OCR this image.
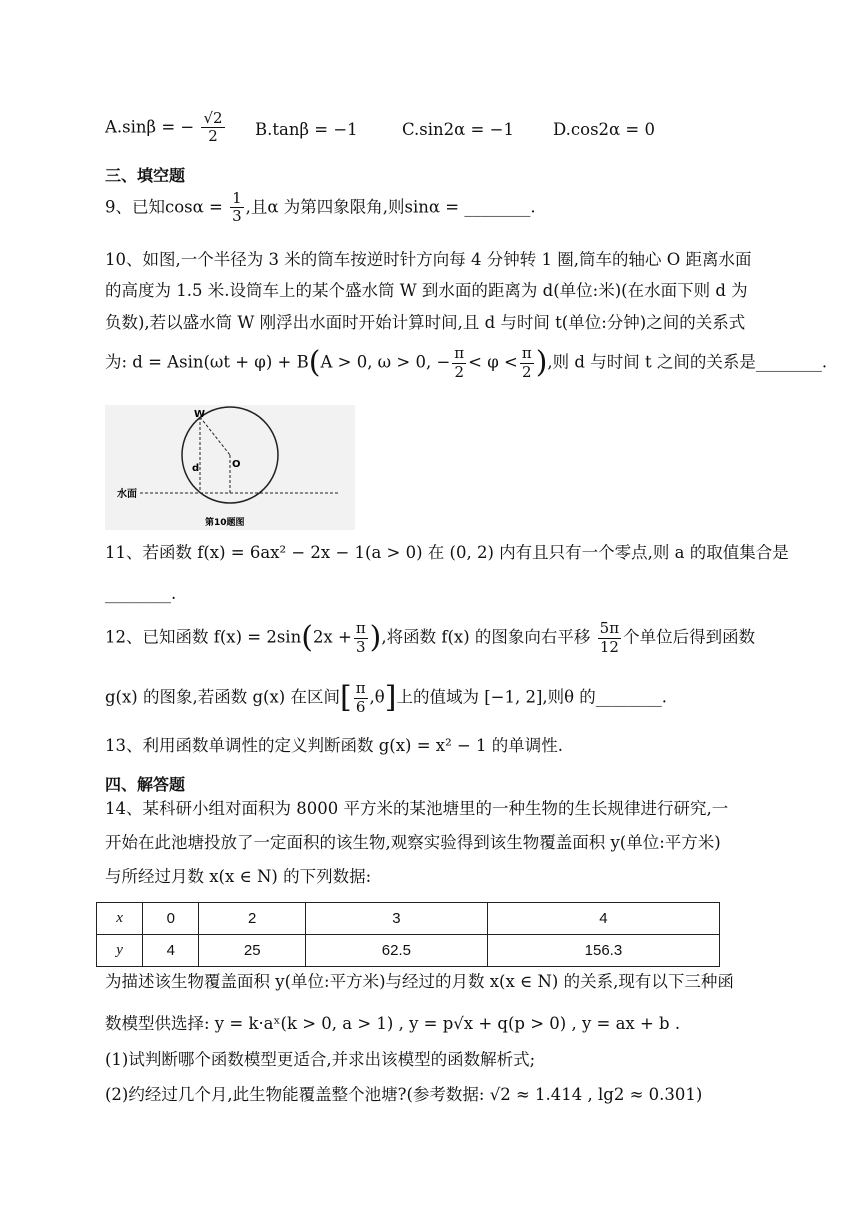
A.sinβ = − $\frac{√2}{2} B.\tan\beta = -1$	C.sin2α = −1 D.cos2α = 0
三、填空题
9、已知$\cos\alpha = \frac{1}{3}$ ,且α 为第四象限角,则sinα = ________.
10、如图,一个半径为 3 米的筒车按逆时针方向每 4 分钟转 1 圈,筒车的轴心 O 距离水面
的高度为 1.5 米.设筒车上的某个盛水筒 W 到水面的距离为 d(单位:米)(在水面下则 d 为
负数),若以盛水筒 W 刚浮出水面时开始计算时间,且 d 与时间 t(单位:分钟)之间的关系式
为: d = Asin(ωt + φ) + B(A > 0, ω > 0, − $\frac{\pi}{2} < \varphi < \frac{\pi}{2}$ ),则 d 与时间 t 之间的关系是________.
W
O
d
水面
第10题图
11、若函数 f(x) = 6ax² − 2x − 1(a > 0) 在 (0, 2) 内有且只有一个零点,则 a 的取值集合是
________.
12、已知函数 $f(x) = 2\sin(2x + \frac{\pi}{3}$ ),将函数 f(x) 的图象向右平移 $\frac{5\pi}{12}$ 个单位后得到函数
g(x) 的图象,若函数 g(x) 在区间[ $\frac{\pi}{6} ,\theta$]上的值域为 [−1, 2],则θ 的________.
13、利用函数单调性的定义判断函数 g(x) = x² − 1 的单调性.
四、解答题
14、某科研小组对面积为 8000 平方米的某池塘里的一种生物的生长规律进行研究,一
开始在此池塘投放了一定面积的该生物,观察实验得到该生物覆盖面积 y(单位:平方米)
与所经过月数 x(x ∈ N) 的下列数据:
x	0	2	3	4
y	4	25	62.5	156.3
为描述该生物覆盖面积 y(单位:平方米)与经过的月数 x(x ∈ N) 的关系,现有以下三种函
数模型供选择: y = k·aˣ(k > 0, a > 1) , y = p√x + q(p > 0) , y = ax + b .
(1)试判断哪个函数模型更适合,并求出该模型的函数解析式;
(2)约经过几个月,此生物能覆盖整个池塘?(参考数据: √2 ≈ 1.414 , lg2 ≈ 0.301)
